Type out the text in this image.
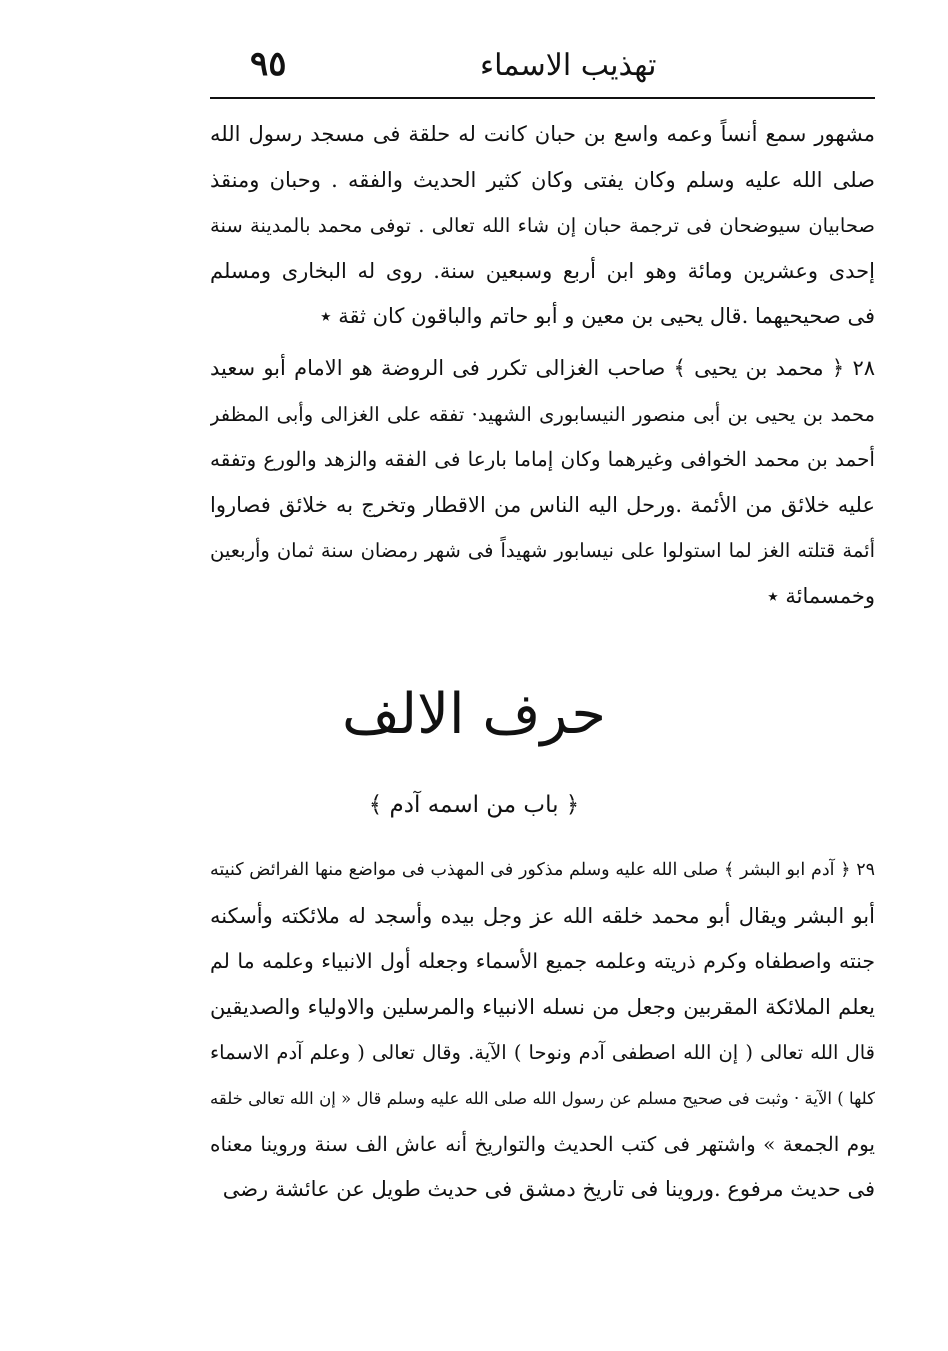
٩٥	تهذيب الاسماء
مشهور سمع أنساً وعمه واسع بن حبان كانت له حلقة فى مسجد رسول الله
صلى الله عليه وسلم وكان يفتى وكان كثير الحديث والفقه . وحبان ومنقذ
صحابيان سيوضحان فى ترجمة حبان إن شاء الله تعالى . توفى محمد بالمدينة سنة
إحدى وعشرين ومائة وهو ابن أربع وسبعين سنة. روى له البخارى ومسلم
فى صحيحيهما .قال يحيى بن معين و أبو حاتم والباقون كان ثقة ٭
٢٨ ﴿ محمد بن يحيى ﴾ صاحب الغزالى تكرر فى الروضة هو الامام أبو سعيد
محمد بن يحيى بن أبى منصور النيسابورى الشهيد· تفقه على الغزالى وأبى المظفر
أحمد بن محمد الخوافى وغيرهما وكان إماما بارعا فى الفقه والزهد والورع وتفقه
عليه خلائق من الأئمة .ورحل اليه الناس من الاقطار وتخرج به خلائق فصاروا
أئمة قتلته الغز لما استولوا على نيسابور شهيداً فى شهر رمضان سنة ثمان وأربعين
وخمسمائة ٭
حرف الالف
﴿ باب من اسمه آدم ﴾
٢٩ ﴿ آدم ابو البشر ﴾ صلى الله عليه وسلم مذكور فى المهذب فى مواضع منها الفرائض كنيته
أبو البشر ويقال أبو محمد خلقه الله عز وجل بيده وأسجد له ملائكته وأسكنه
جنته واصطفاه وكرم ذريته وعلمه جميع الأسماء وجعله أول الانبياء وعلمه ما لم
يعلم الملائكة المقربين وجعل من نسله الانبياء والمرسلين والاولياء والصديقين
قال الله تعالى ( إن الله اصطفى آدم ونوحا ) الآية. وقال تعالى ( وعلم آدم الاسماء
كلها ) الآية · وثبت فى صحيح مسلم عن رسول الله صلى الله عليه وسلم قال « إن الله تعالى خلقه
يوم الجمعة » واشتهر فى كتب الحديث والتواريخ أنه عاش الف سنة وروينا معناه
فى حديث مرفوع .وروينا فى تاريخ دمشق فى حديث طويل عن عائشة رضى
